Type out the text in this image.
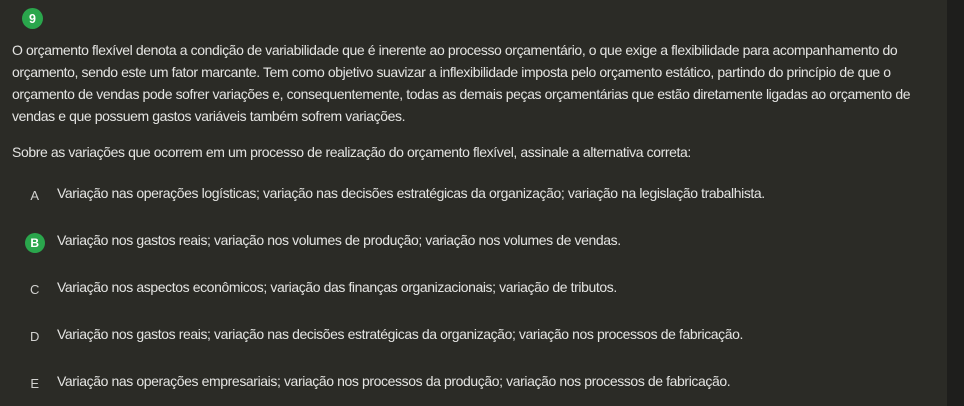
9

O orçamento flexível denota a condição de variabilidade que é inerente ao processo orçamentário, o que exige a flexibilidade para acompanhamento do orçamento, sendo este um fator marcante. Tem como objetivo suavizar a inflexibilidade imposta pelo orçamento estático, partindo do princípio de que o orçamento de vendas pode sofrer variações e, consequentemente, todas as demais peças orçamentárias que estão diretamente ligadas ao orçamento de vendas e que possuem gastos variáveis também sofrem variações.

Sobre as variações que ocorrem em um processo de realização do orçamento flexível, assinale a alternativa correta:

A Variação nas operações logísticas; variação nas decisões estratégicas da organização; variação na legislação trabalhista.
B	Variação nos gastos reais; variação nos volumes de produção; variação nos volumes de vendas.
C Variação nos aspectos econômicos; variação das finanças organizacionais; variação de tributos.
D Variação nos gastos reais; variação nas decisões estratégicas da organização; variação nos processos de fabricação.
E Variação nas operações empresariais; variação nos processos da produção; variação nos processos de fabricação.
